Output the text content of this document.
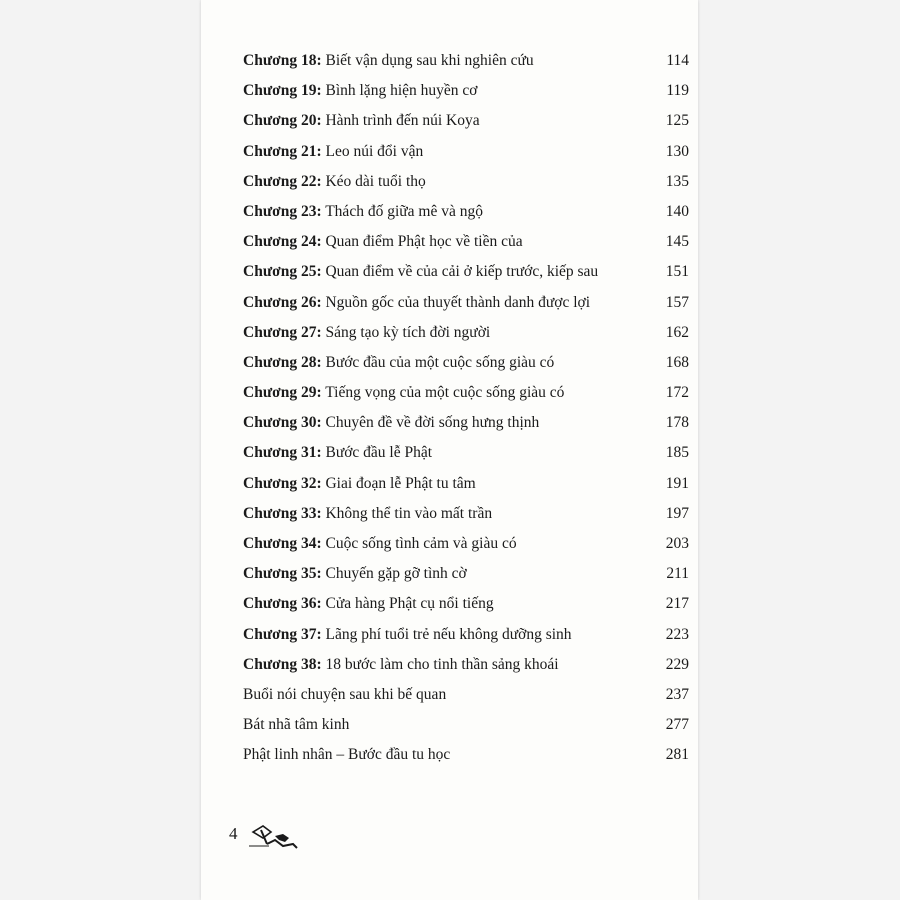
Chương 18: Biết vận dụng sau khi nghiên cứu	114
Chương 19: Bình lặng hiện huyền cơ	119
Chương 20: Hành trình đến núi Koya	125
Chương 21: Leo núi đổi vận	130
Chương 22: Kéo dài tuổi thọ	135
Chương 23: Thách đố giữa mê và ngộ	140
Chương 24: Quan điểm Phật học về tiền của	145
Chương 25: Quan điểm về của cải ở kiếp trước, kiếp sau	151
Chương 26: Nguồn gốc của thuyết thành danh được lợi	157
Chương 27: Sáng tạo kỳ tích đời người	162
Chương 28: Bước đầu của một cuộc sống giàu có	168
Chương 29: Tiếng vọng của một cuộc sống giàu có	172
Chương 30: Chuyên đề về đời sống hưng thịnh	178
Chương 31: Bước đầu lễ Phật	185
Chương 32: Giai đoạn lễ Phật tu tâm	191
Chương 33: Không thể tin vào mất trần	197
Chương 34: Cuộc sống tình cảm và giàu có	203
Chương 35: Chuyến gặp gỡ tình cờ	211
Chương 36: Cửa hàng Phật cụ nổi tiếng	217
Chương 37: Lãng phí tuổi trẻ nếu không dưỡng sinh	223
Chương 38: 18 bước làm cho tinh thần sảng khoái	229
Buổi nói chuyện sau khi bế quan	237
Bát nhã tâm kinh	277
Phật linh nhân – Bước đầu tu học	281
4
